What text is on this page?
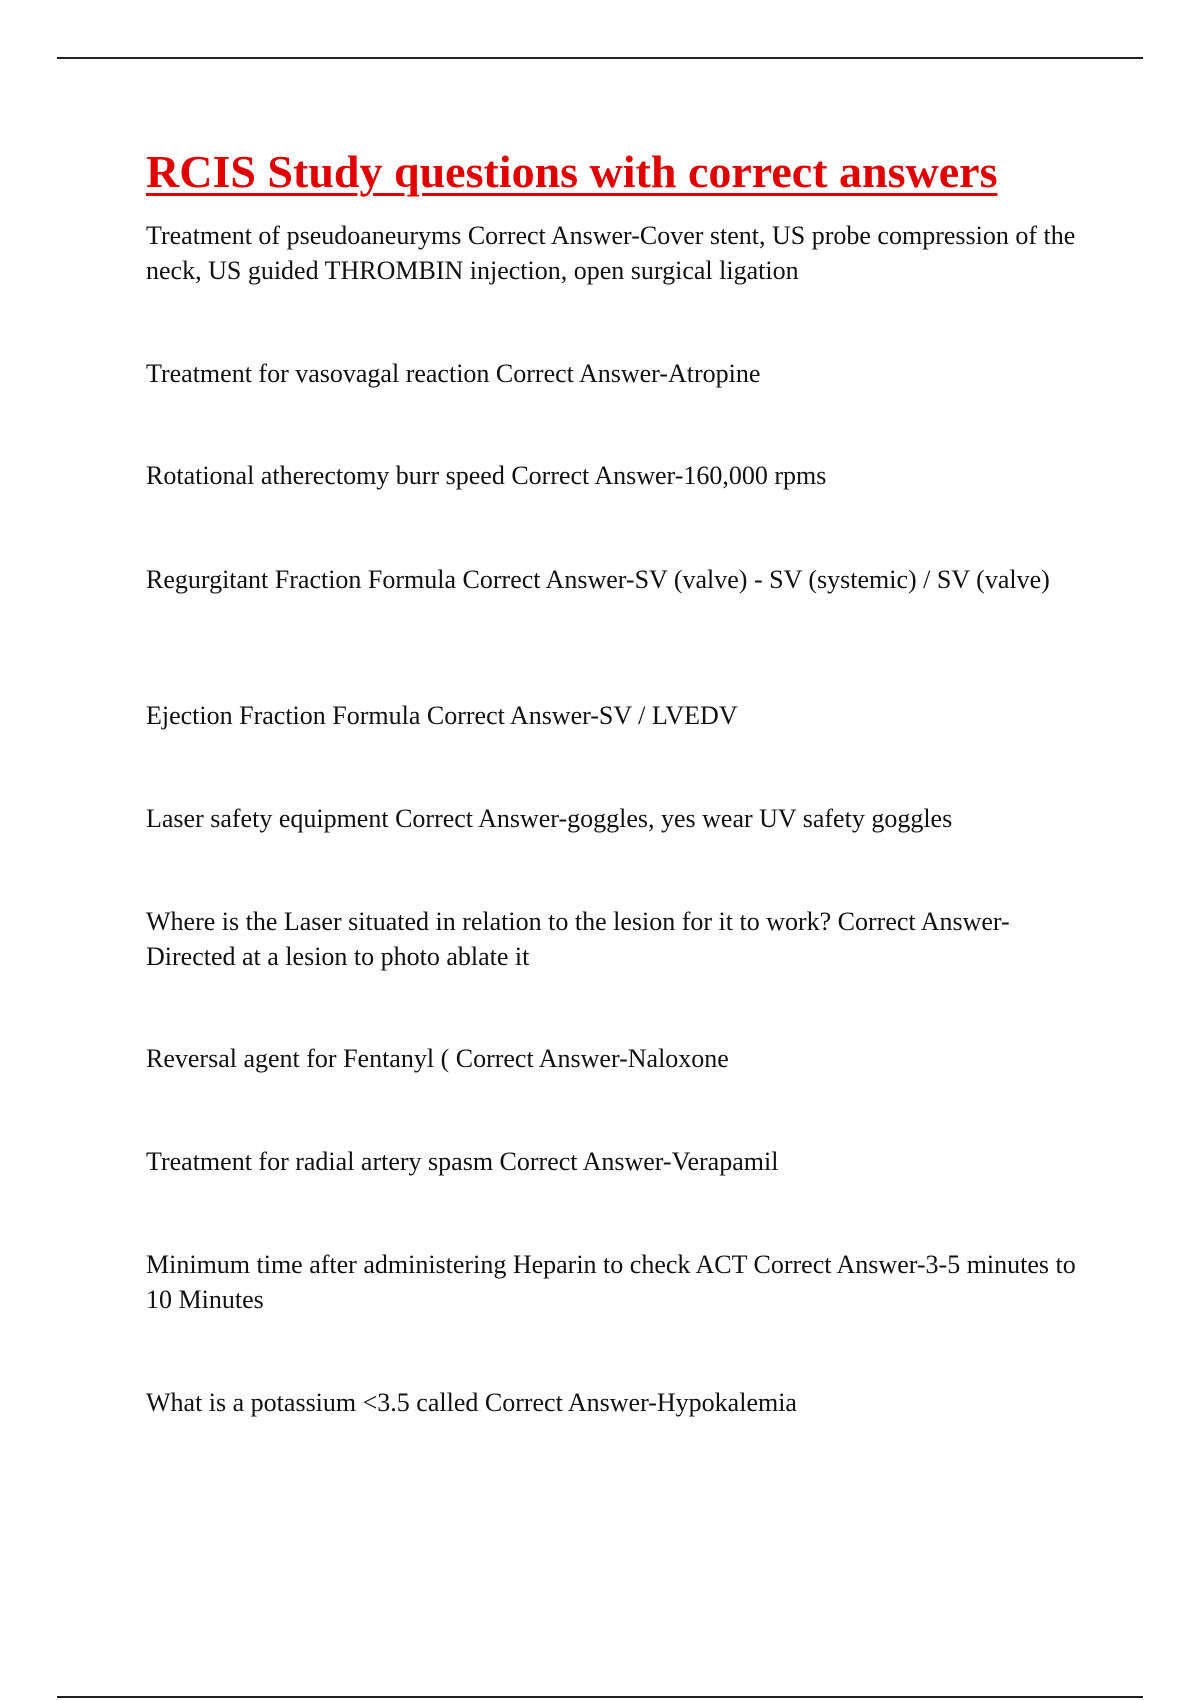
RCIS Study questions with correct answers

Treatment of pseudoaneuryms Correct Answer-Cover stent, US probe compression of the neck, US guided THROMBIN injection, open surgical ligation

Treatment for vasovagal reaction Correct Answer-Atropine

Rotational atherectomy burr speed Correct Answer-160,000 rpms

Regurgitant Fraction Formula Correct Answer-SV (valve) - SV (systemic) / SV (valve)

Ejection Fraction Formula Correct Answer-SV / LVEDV

Laser safety equipment Correct Answer-goggles, yes wear UV safety goggles

Where is the Laser situated in relation to the lesion for it to work? Correct Answer-Directed at a lesion to photo ablate it

Reversal agent for Fentanyl ( Correct Answer-Naloxone

Treatment for radial artery spasm Correct Answer-Verapamil

Minimum time after administering Heparin to check ACT Correct Answer-3-5 minutes to 10 Minutes

What is a potassium <3.5 called Correct Answer-Hypokalemia
